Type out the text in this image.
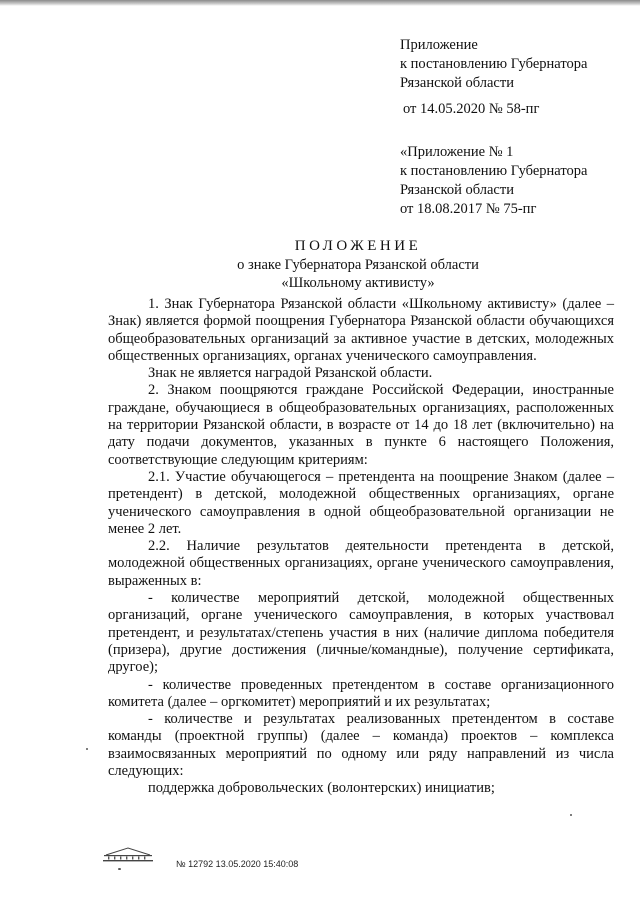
Приложение
к постановлению Губернатора
Рязанской области
от 14.05.2020 № 58-пг
«Приложение № 1
к постановлению Губернатора
Рязанской области
от 18.08.2017 № 75-пг
ПОЛОЖЕНИЕ
о знаке Губернатора Рязанской области
«Школьному активисту»

1. Знак Губернатора Рязанской области «Школьному активисту» (далее – Знак) является формой поощрения Губернатора Рязанской области обучающихся общеобразовательных организаций за активное участие в детских, молодежных общественных организациях, органах ученического самоуправления.

Знак не является наградой Рязанской области.

2. Знаком поощряются граждане Российской Федерации, иностранные граждане, обучающиеся в общеобразовательных организациях, расположенных на территории Рязанской области, в возрасте от 14 до 18 лет (включительно) на дату подачи документов, указанных в пункте 6 настоящего Положения, соответствующие следующим критериям:

2.1. Участие обучающегося – претендента на поощрение Знаком (далее – претендент) в детской, молодежной общественных организациях, органе ученического самоуправления в одной общеобразовательной организации не менее 2 лет.

2.2. Наличие результатов деятельности претендента в детской, молодежной общественных организациях, органе ученического самоуправления, выраженных в:

- количестве мероприятий детской, молодежной общественных организаций, органе ученического самоуправления, в которых участвовал претендент, и результатах/степень участия в них (наличие диплома победителя (призера), другие достижения (личные/командные), получение сертификата, другое);

- количестве проведенных претендентом в составе организационного комитета (далее – оргкомитет) мероприятий и их результатах;

- количестве и результатах реализованных претендентом в составе команды (проектной группы) (далее – команда) проектов – комплекса взаимосвязанных мероприятий по одному или ряду направлений из числа следующих:

поддержка добровольческих (волонтерских) инициатив;

№ 12792 13.05.2020 15:40:08
